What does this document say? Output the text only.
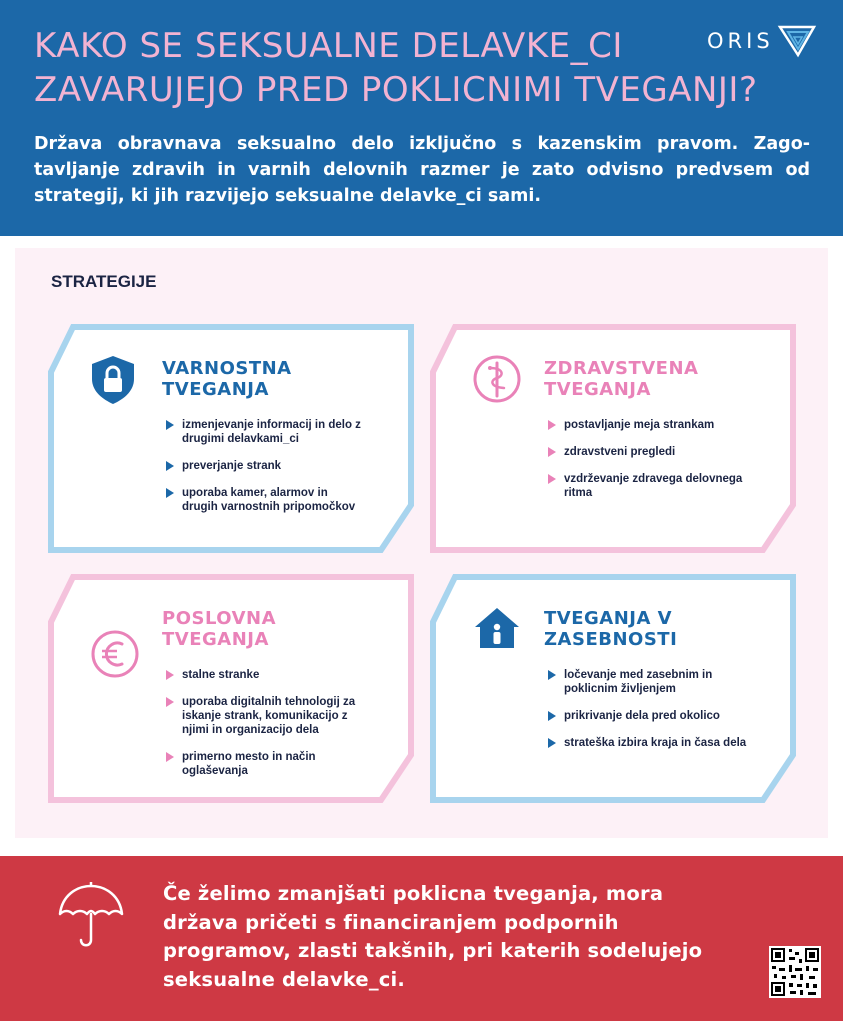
KAKO SE SEKSUALNE DELAVKE_CI
ZAVARUJEJO PRED POKLICNIMI TVEGANJI?
ORIS

Država obravnava seksualno delo izključno s kazenskim pravom. Zago-tavljanje zdravih in varnih delovnih razmer je zato odvisno predvsem od strategij, ki jih razvijejo seksualne delavke_ci sami.

STRATEGIJE
VARNOSTNA
TVEGANJA
izmenjevanje informacij in delo z drugimi delavkami_ci
preverjanje strank
uporaba kamer, alarmov in drugih varnostnih pripomočkov
ZDRAVSTVENA
TVEGANJA
postavljanje meja strankam
zdravstveni pregledi
vzdrževanje zdravega delovnega ritma
POSLOVNA
TVEGANJA
stalne stranke
uporaba digitalnih tehnologij za iskanje strank, komunikacijo z njimi in organizacijo dela
primerno mesto in način oglaševanja
TVEGANJA V
ZASEBNOSTI
ločevanje med zasebnim in poklicnim življenjem
prikrivanje dela pred okolico
strateška izbira kraja in časa dela

Če želimo zmanjšati poklicna tveganja, mora država pričeti s financiranjem podpornih programov, zlasti takšnih, pri katerih sodelujejo seksualne delavke_ci.
